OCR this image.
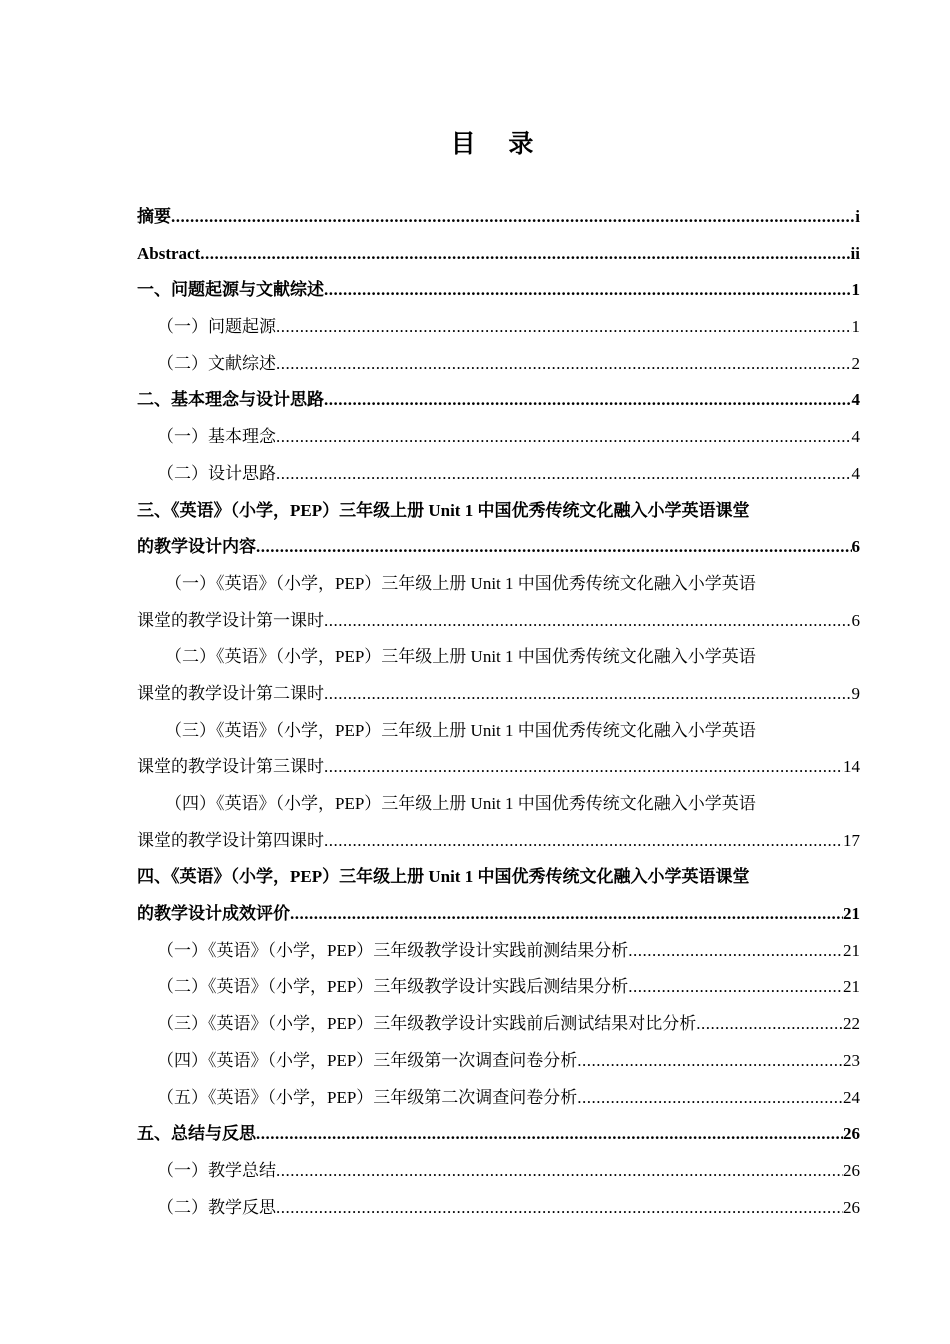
目 录
摘要 .....	i
Abstract .....	ii
一、问题起源与文献综述 .....	1
（一）问题起源 .....	1
（二）文献综述 .....	2
二、基本理念与设计思路 .....	4
（一）基本理念 .....	4
（二）设计思路 .....	4
三、《英语》（小学，PEP）三年级上册 Unit 1 中国优秀传统文化融入小学英语课堂
的教学设计内容 .....	6
（一）《英语》（小学，PEP）三年级上册 Unit 1 中国优秀传统文化融入小学英语
课堂的教学设计第一课时 .....	6
（二）《英语》（小学，PEP）三年级上册 Unit 1 中国优秀传统文化融入小学英语
课堂的教学设计第二课时 .....	9
（三）《英语》（小学，PEP）三年级上册 Unit 1 中国优秀传统文化融入小学英语
课堂的教学设计第三课时 .....	14
（四）《英语》（小学，PEP）三年级上册 Unit 1 中国优秀传统文化融入小学英语
课堂的教学设计第四课时 .....	17
四、《英语》（小学，PEP）三年级上册 Unit 1 中国优秀传统文化融入小学英语课堂
的教学设计成效评价 .....	21
（一）《英语》（小学，PEP）三年级教学设计实践前测结果分析 .....	21
（二）《英语》（小学，PEP）三年级教学设计实践后测结果分析 .....	21
（三）《英语》（小学，PEP）三年级教学设计实践前后测试结果对比分析 .....	22
（四）《英语》（小学，PEP）三年级第一次调查问卷分析 .....	23
（五）《英语》（小学，PEP）三年级第二次调查问卷分析 .....	24
五、总结与反思 .....	26
（一）教学总结 .....	26
（二）教学反思 .....	26
